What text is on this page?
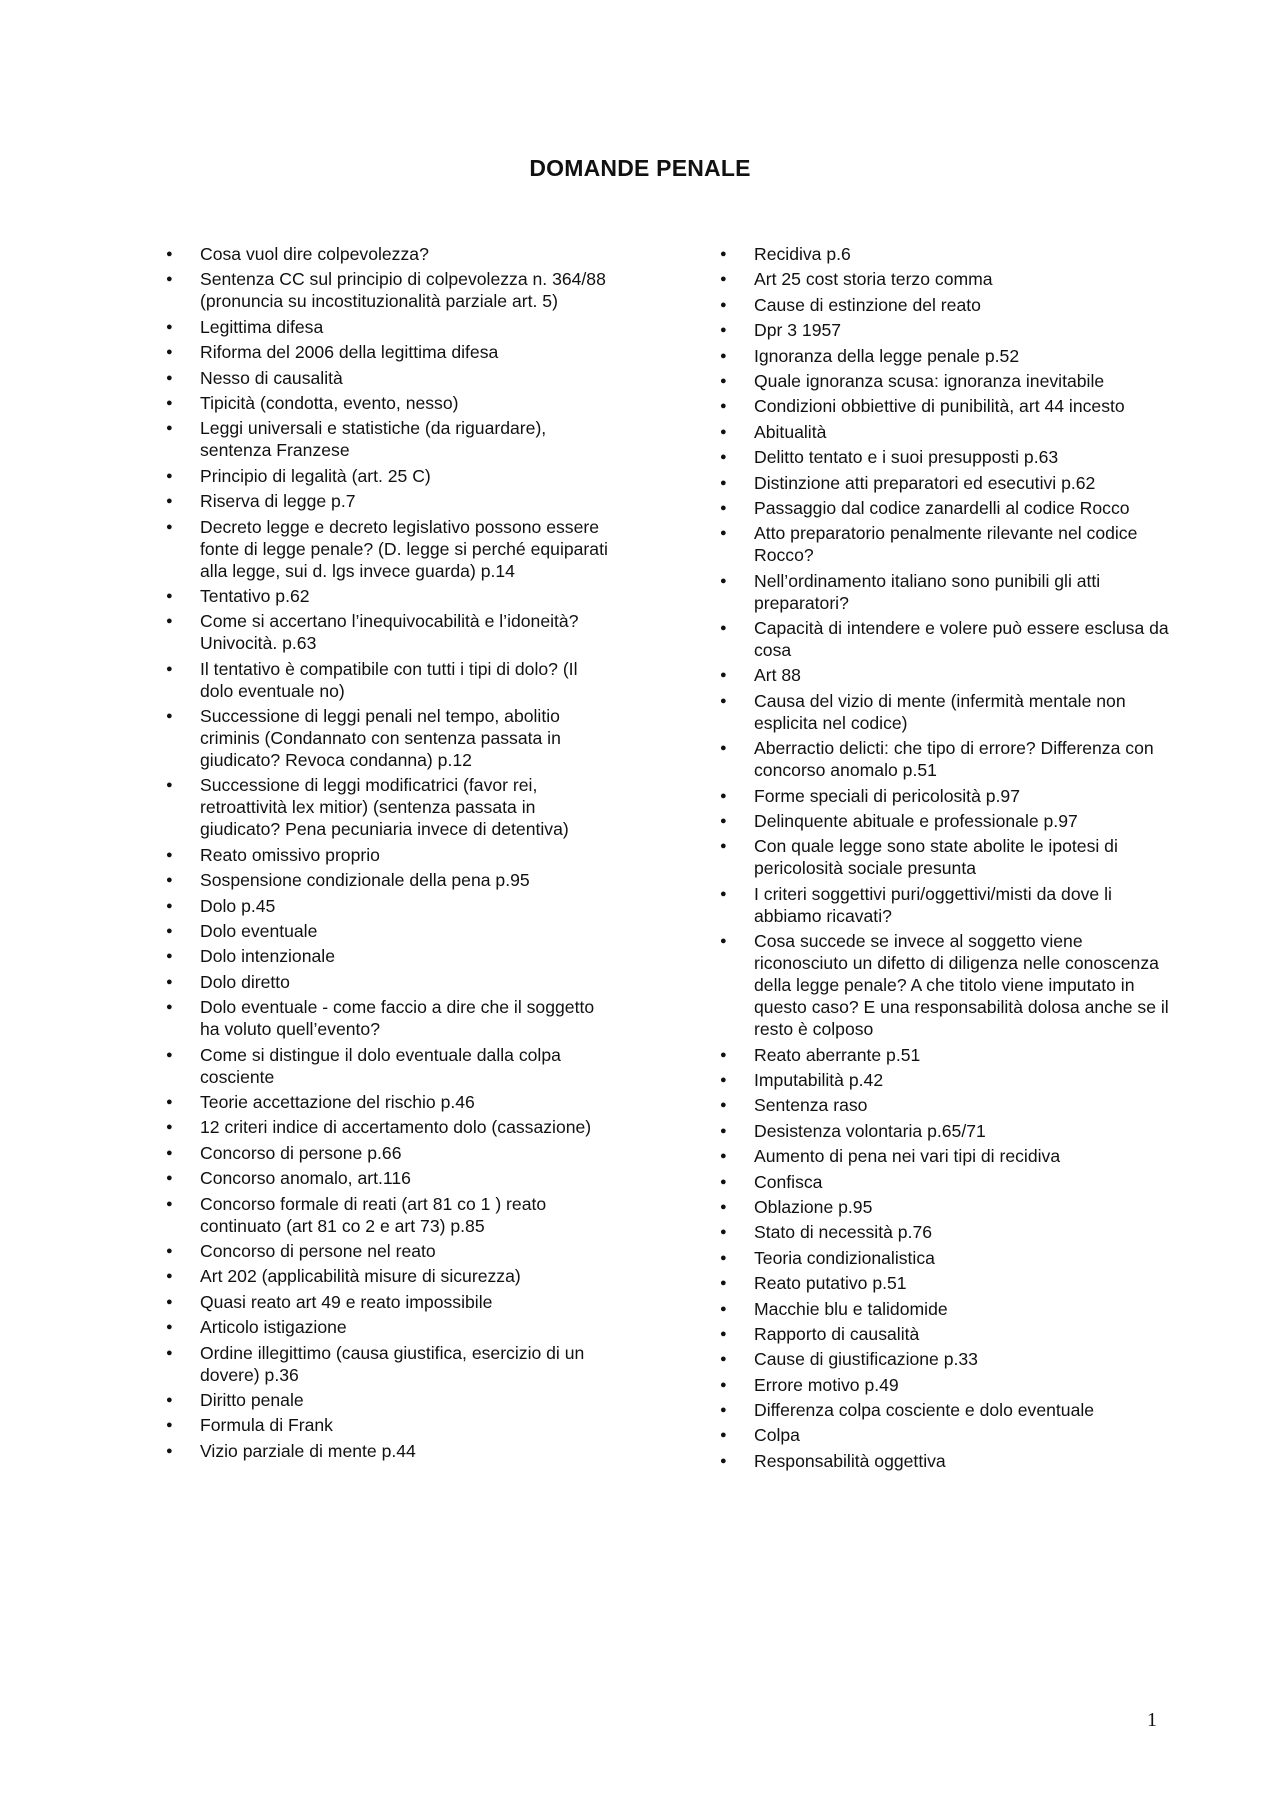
DOMANDE PENALE
● Cosa vuol dire colpevolezza?
● Sentenza CC sul principio di colpevolezza n. 364/88 (pronuncia su incostituzionalità parziale art. 5)
● Legittima difesa
● Riforma del 2006 della legittima difesa
● Nesso di causalità
● Tipicità (condotta, evento, nesso)
● Leggi universali e statistiche (da riguardare), sentenza Franzese
● Principio di legalità (art. 25 C)
● Riserva di legge p.7
● Decreto legge e decreto legislativo possono essere fonte di legge penale? (D. legge si perché equiparati alla legge, sui d. lgs invece guarda) p.14
● Tentativo p.62
● Come si accertano l’inequivocabilità e l’idoneità? Univocità. p.63
● Il tentativo è compatibile con tutti i tipi di dolo? (Il dolo eventuale no)
● Successione di leggi penali nel tempo, abolitio criminis (Condannato con sentenza passata in giudicato? Revoca condanna) p.12
● Successione di leggi modificatrici (favor rei, retroattività lex mitior) (sentenza passata in giudicato? Pena pecuniaria invece di detentiva)
● Reato omissivo proprio
● Sospensione condizionale della pena p.95
● Dolo p.45
● Dolo eventuale
● Dolo intenzionale
● Dolo diretto
● Dolo eventuale - come faccio a dire che il soggetto ha voluto quell’evento?
● Come si distingue il dolo eventuale dalla colpa cosciente
● Teorie accettazione del rischio p.46
● 12 criteri indice di accertamento dolo (cassazione)
● Concorso di persone p.66
● Concorso anomalo, art.116
● Concorso formale di reati (art 81 co 1 ) reato continuato (art 81 co 2 e art 73) p.85
● Concorso di persone nel reato
● Art 202 (applicabilità misure di sicurezza)
● Quasi reato art 49 e reato impossibile
● Articolo istigazione
● Ordine illegittimo (causa giustifica, esercizio di un dovere) p.36
● Diritto penale
● Formula di Frank
● Vizio parziale di mente p.44
● Recidiva p.6
● Art 25 cost storia terzo comma
● Cause di estinzione del reato
● Dpr 3 1957
● Ignoranza della legge penale p.52
● Quale ignoranza scusa: ignoranza inevitabile
● Condizioni obbiettive di punibilità, art 44 incesto
● Abitualità
● Delitto tentato e i suoi presupposti p.63
● Distinzione atti preparatori ed esecutivi p.62
● Passaggio dal codice zanardelli al codice Rocco
● Atto preparatorio penalmente rilevante nel codice Rocco?
● Nell’ordinamento italiano sono punibili gli atti preparatori?
● Capacità di intendere e volere può essere esclusa da cosa
● Art 88
● Causa del vizio di mente (infermità mentale non esplicita nel codice)
● Aberractio delicti: che tipo di errore? Differenza con concorso anomalo p.51
● Forme speciali di pericolosità p.97
● Delinquente abituale e professionale p.97
● Con quale legge sono state abolite le ipotesi di pericolosità sociale presunta
● I criteri soggettivi puri/oggettivi/misti da dove li abbiamo ricavati?
● Cosa succede se invece al soggetto viene riconosciuto un difetto di diligenza nelle conoscenza della legge penale? A che titolo viene imputato in questo caso? E una responsabilità dolosa anche se il resto è colposo
● Reato aberrante p.51
● Imputabilità p.42
● Sentenza raso
● Desistenza volontaria p.65/71
● Aumento di pena nei vari tipi di recidiva
● Confisca
● Oblazione p.95
● Stato di necessità p.76
● Teoria condizionalistica
● Reato putativo p.51
● Macchie blu e talidomide
● Rapporto di causalità
● Cause di giustificazione p.33
● Errore motivo p.49
● Differenza colpa cosciente e dolo eventuale
● Colpa
● Responsabilità oggettiva
1
